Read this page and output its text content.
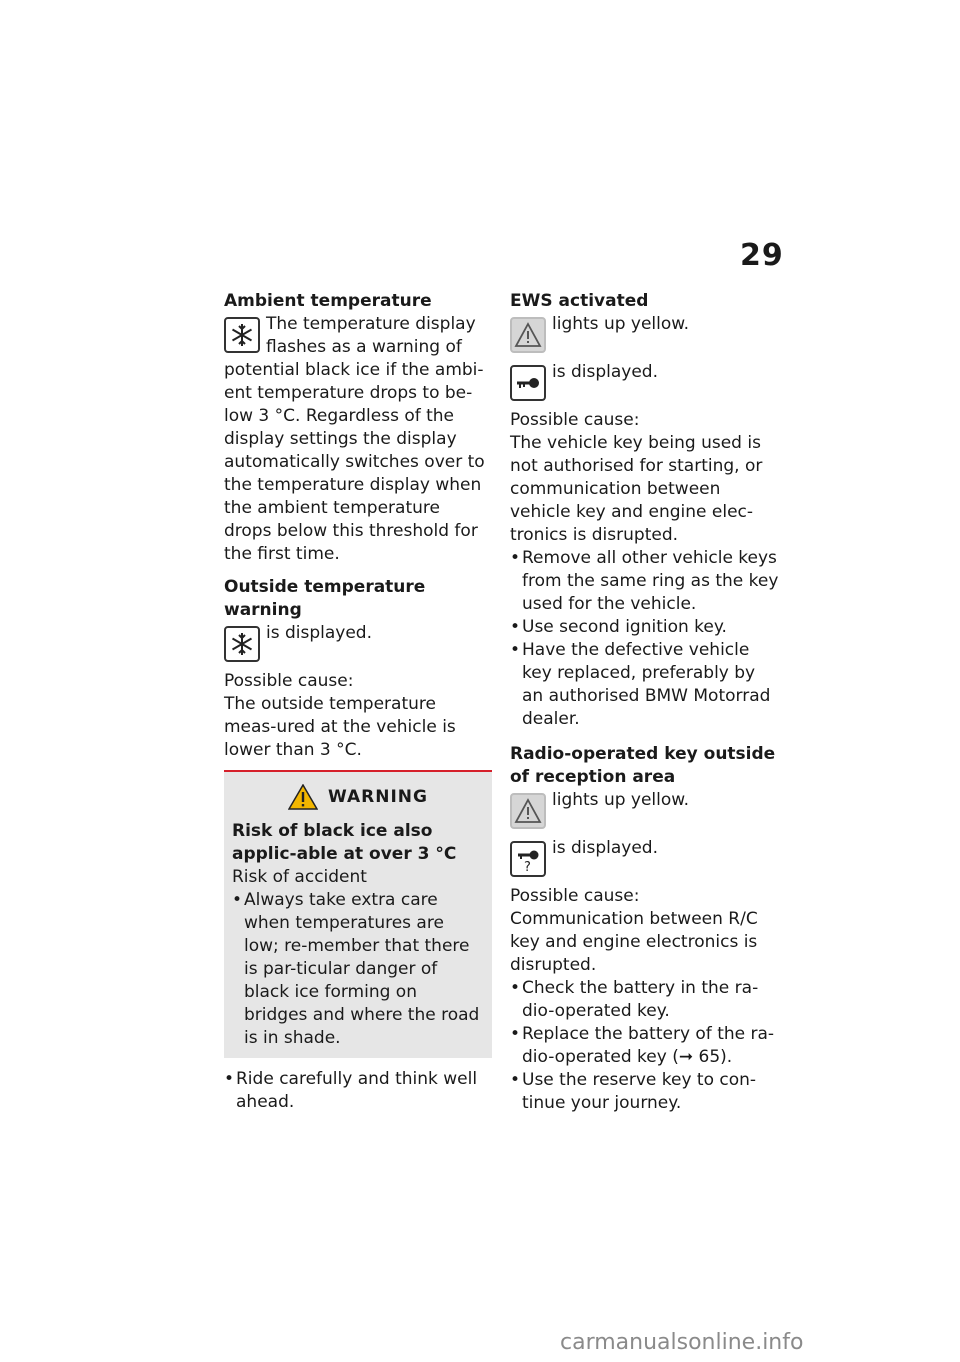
29
Ambient temperature
The temperature display flashes as a warning of potential black ice if the ambi-ent temperature drops to be-low 3 °C. Regardless of the display settings the display automatically switches over to the temperature display when the ambient temperature drops below this threshold for the first time.
Outside temperature warning
is displayed.
Possible cause:
The outside temperature meas-ured at the vehicle is lower than 3 °C.
WARNING
Risk of black ice also applic-able at over 3 °C
Risk of accident
• Always take extra care when temperatures are low; re-member that there is par-ticular danger of black ice forming on bridges and where the road is in shade.
• Ride carefully and think well ahead.
EWS activated
lights up yellow.
is displayed.
Possible cause:
The vehicle key being used is not authorised for starting, or communication between vehicle key and engine elec-tronics is disrupted.
• Remove all other vehicle keys from the same ring as the key used for the vehicle.
• Use second ignition key.
• Have the defective vehicle key replaced, preferably by an authorised BMW Motorrad dealer.
Radio-operated key outside of reception area
lights up yellow.
?
is displayed.
Possible cause:
Communication between R/C key and engine electronics is disrupted.
• Check the battery in the ra-dio-operated key.
• Replace the battery of the ra-dio-operated key (➞ 65).
• Use the reserve key to con-tinue your journey.
carmanualsonline.info
